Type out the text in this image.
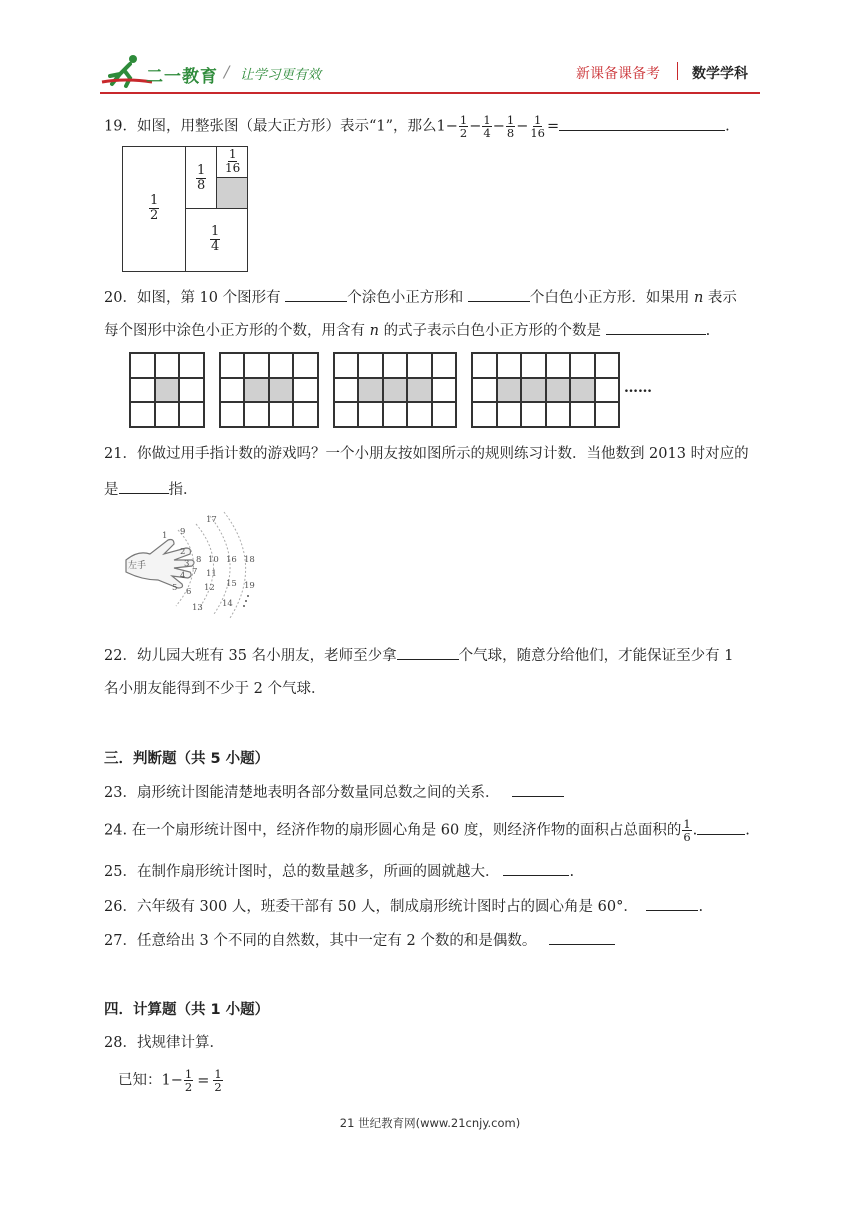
二一教育 / 让学习更有效	新课备课备考 数学学科
19．如图，用整张图（最大正方形）表示“1”，那么$1- \frac{1}{2} - \frac{1}{4} - \frac{1}{8} - \frac{1}{16}$ =	.
$\frac{1}{2}$
$\frac{1}{8}$
$\frac{1}{16}$
$\frac{1}{4}$
20．如图，第 10 个图形有	个涂色小正方形和	个白色小正方形．如果用 n 表示
每个图形中涂色小正方形的个数，用含有 n 的式子表示白色小正方形的个数是	.
……
21．你做过用手指计数的游戏吗？一个小朋友按如图所示的规则练习计数．当他数到 2013 时对应的
是	指．
左手
1
2
3
4
5 6
7
8
9
10
11
12
13 14
15
16
17
18
19
22．幼儿园大班有 35 名小朋友，老师至少拿	个气球，随意分给他们，才能保证至少有 1
名小朋友能得到不少于 2 个气球．
三．判断题（共 5 小题）
23．扇形统计图能清楚地表明各部分数量同总数之间的关系．
24. 在一个扇形统计图中，经济作物的扇形圆心角是 60 度，则经济作物的面积占总面积的 $\frac{1}{6}$ .	.
25．在制作扇形统计图时，总的数量越多，所画的圆就越大．	.
26．六年级有 300 人，班委干部有 50 人，制成扇形统计图时占的圆心角是 60°．	.
27．任意给出 3 个不同的自然数，其中一定有 2 个数的和是偶数。
四．计算题（共 1 小题）
28．找规律计算．
已知：$1- \frac{1}{2} = \frac{1}{2}$
21 世纪教育网(www.21cnjy.com)
